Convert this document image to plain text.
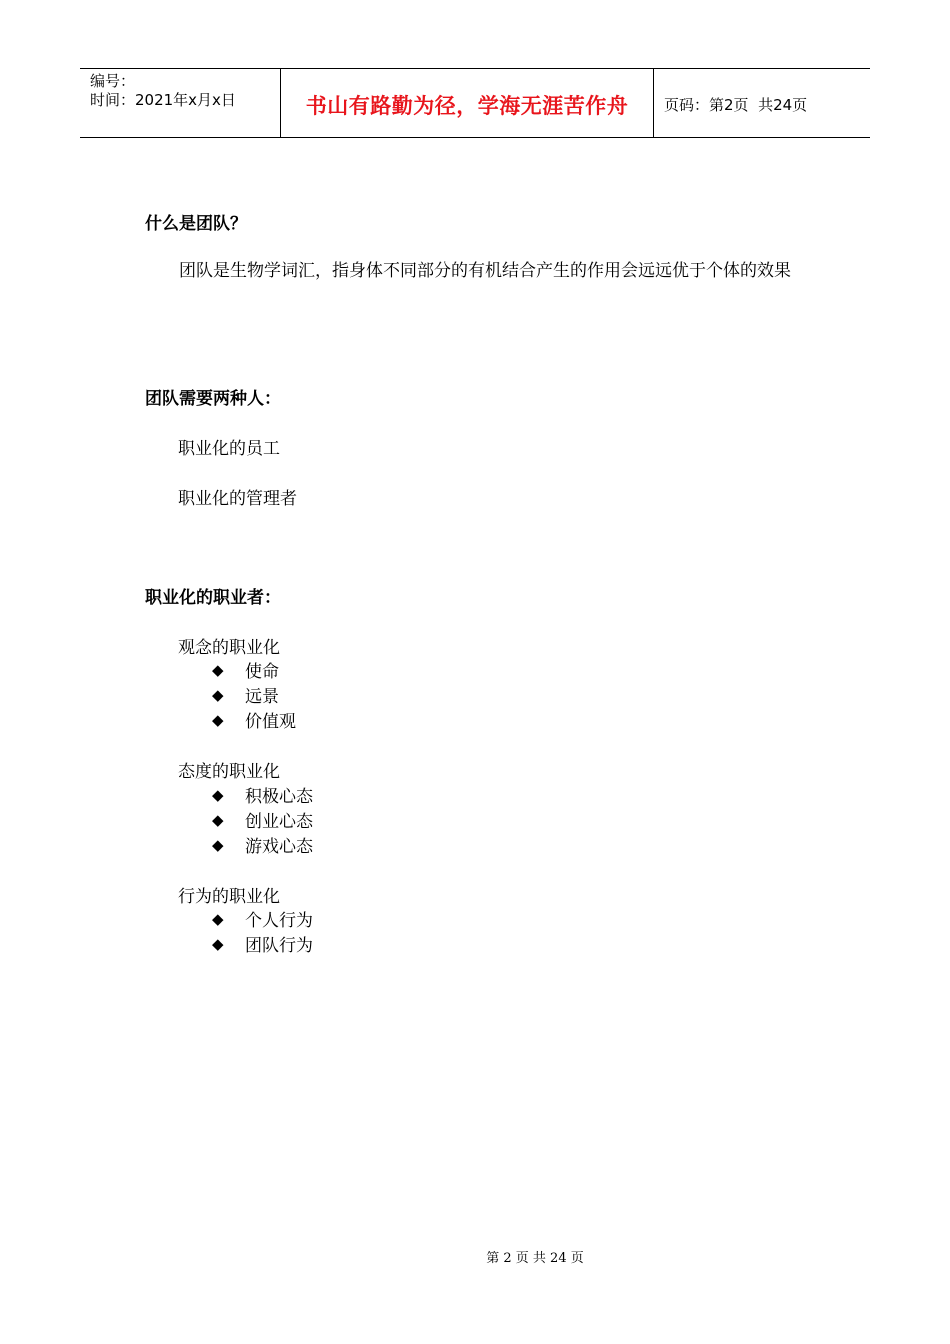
编号：
时间：2021年x月x日	书山有路勤为径，学海无涯苦作舟 页码：第2页  共24页
什么是团队？
团队是生物学词汇，指身体不同部分的有机结合产生的作用会远远优于个体的效果
团队需要两种人：
职业化的员工
职业化的管理者
职业化的职业者：
观念的职业化
◆	使命
◆	远景
◆	价值观
态度的职业化
◆	积极心态
◆	创业心态
◆	游戏心态
行为的职业化
◆	个人行为
◆	团队行为
第 2 页 共 24 页
